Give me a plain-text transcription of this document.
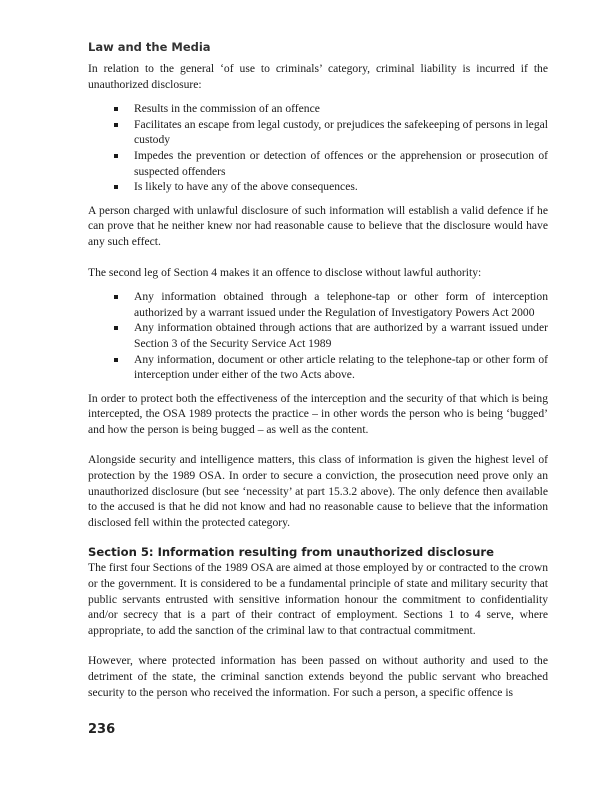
Law and the Media

In relation to the general ‘of use to criminals’ category, criminal liability is incurred if the unauthorized disclosure:

Results in the commission of an offence
Facilitates an escape from legal custody, or prejudices the safekeeping of persons in legal custody
Impedes the prevention or detection of offences or the apprehension or prosecution of suspected offenders
Is likely to have any of the above consequences.

A person charged with unlawful disclosure of such information will establish a valid defence if he can prove that he neither knew nor had reasonable cause to believe that the disclosure would have any such effect.

The second leg of Section 4 makes it an offence to disclose without lawful authority:

Any information obtained through a telephone-tap or other form of interception authorized by a warrant issued under the Regulation of Investigatory Powers Act 2000
Any information obtained through actions that are authorized by a warrant issued under Section 3 of the Security Service Act 1989
Any information, document or other article relating to the telephone-tap or other form of interception under either of the two Acts above.

In order to protect both the effectiveness of the interception and the security of that which is being intercepted, the OSA 1989 protects the practice – in other words the person who is being ‘bugged’ and how the person is being bugged – as well as the content.

Alongside security and intelligence matters, this class of information is given the highest level of protection by the 1989 OSA. In order to secure a conviction, the prosecution need prove only an unauthorized disclosure (but see ‘necessity’ at part 15.3.2 above). The only defence then available to the accused is that he did not know and had no reasonable cause to believe that the information disclosed fell within the protected category.

Section 5: Information resulting from unauthorized disclosure

The first four Sections of the 1989 OSA are aimed at those employed by or contracted to the crown or the government. It is considered to be a fundamental principle of state and military security that public servants entrusted with sensitive information honour the commitment to confidentiality and/or secrecy that is a part of their contract of employment. Sections 1 to 4 serve, where appropriate, to add the sanction of the criminal law to that contractual commitment.

However, where protected information has been passed on without authority and used to the detriment of the state, the criminal sanction extends beyond the public servant who breached security to the person who received the information. For such a person, a specific offence is

236
